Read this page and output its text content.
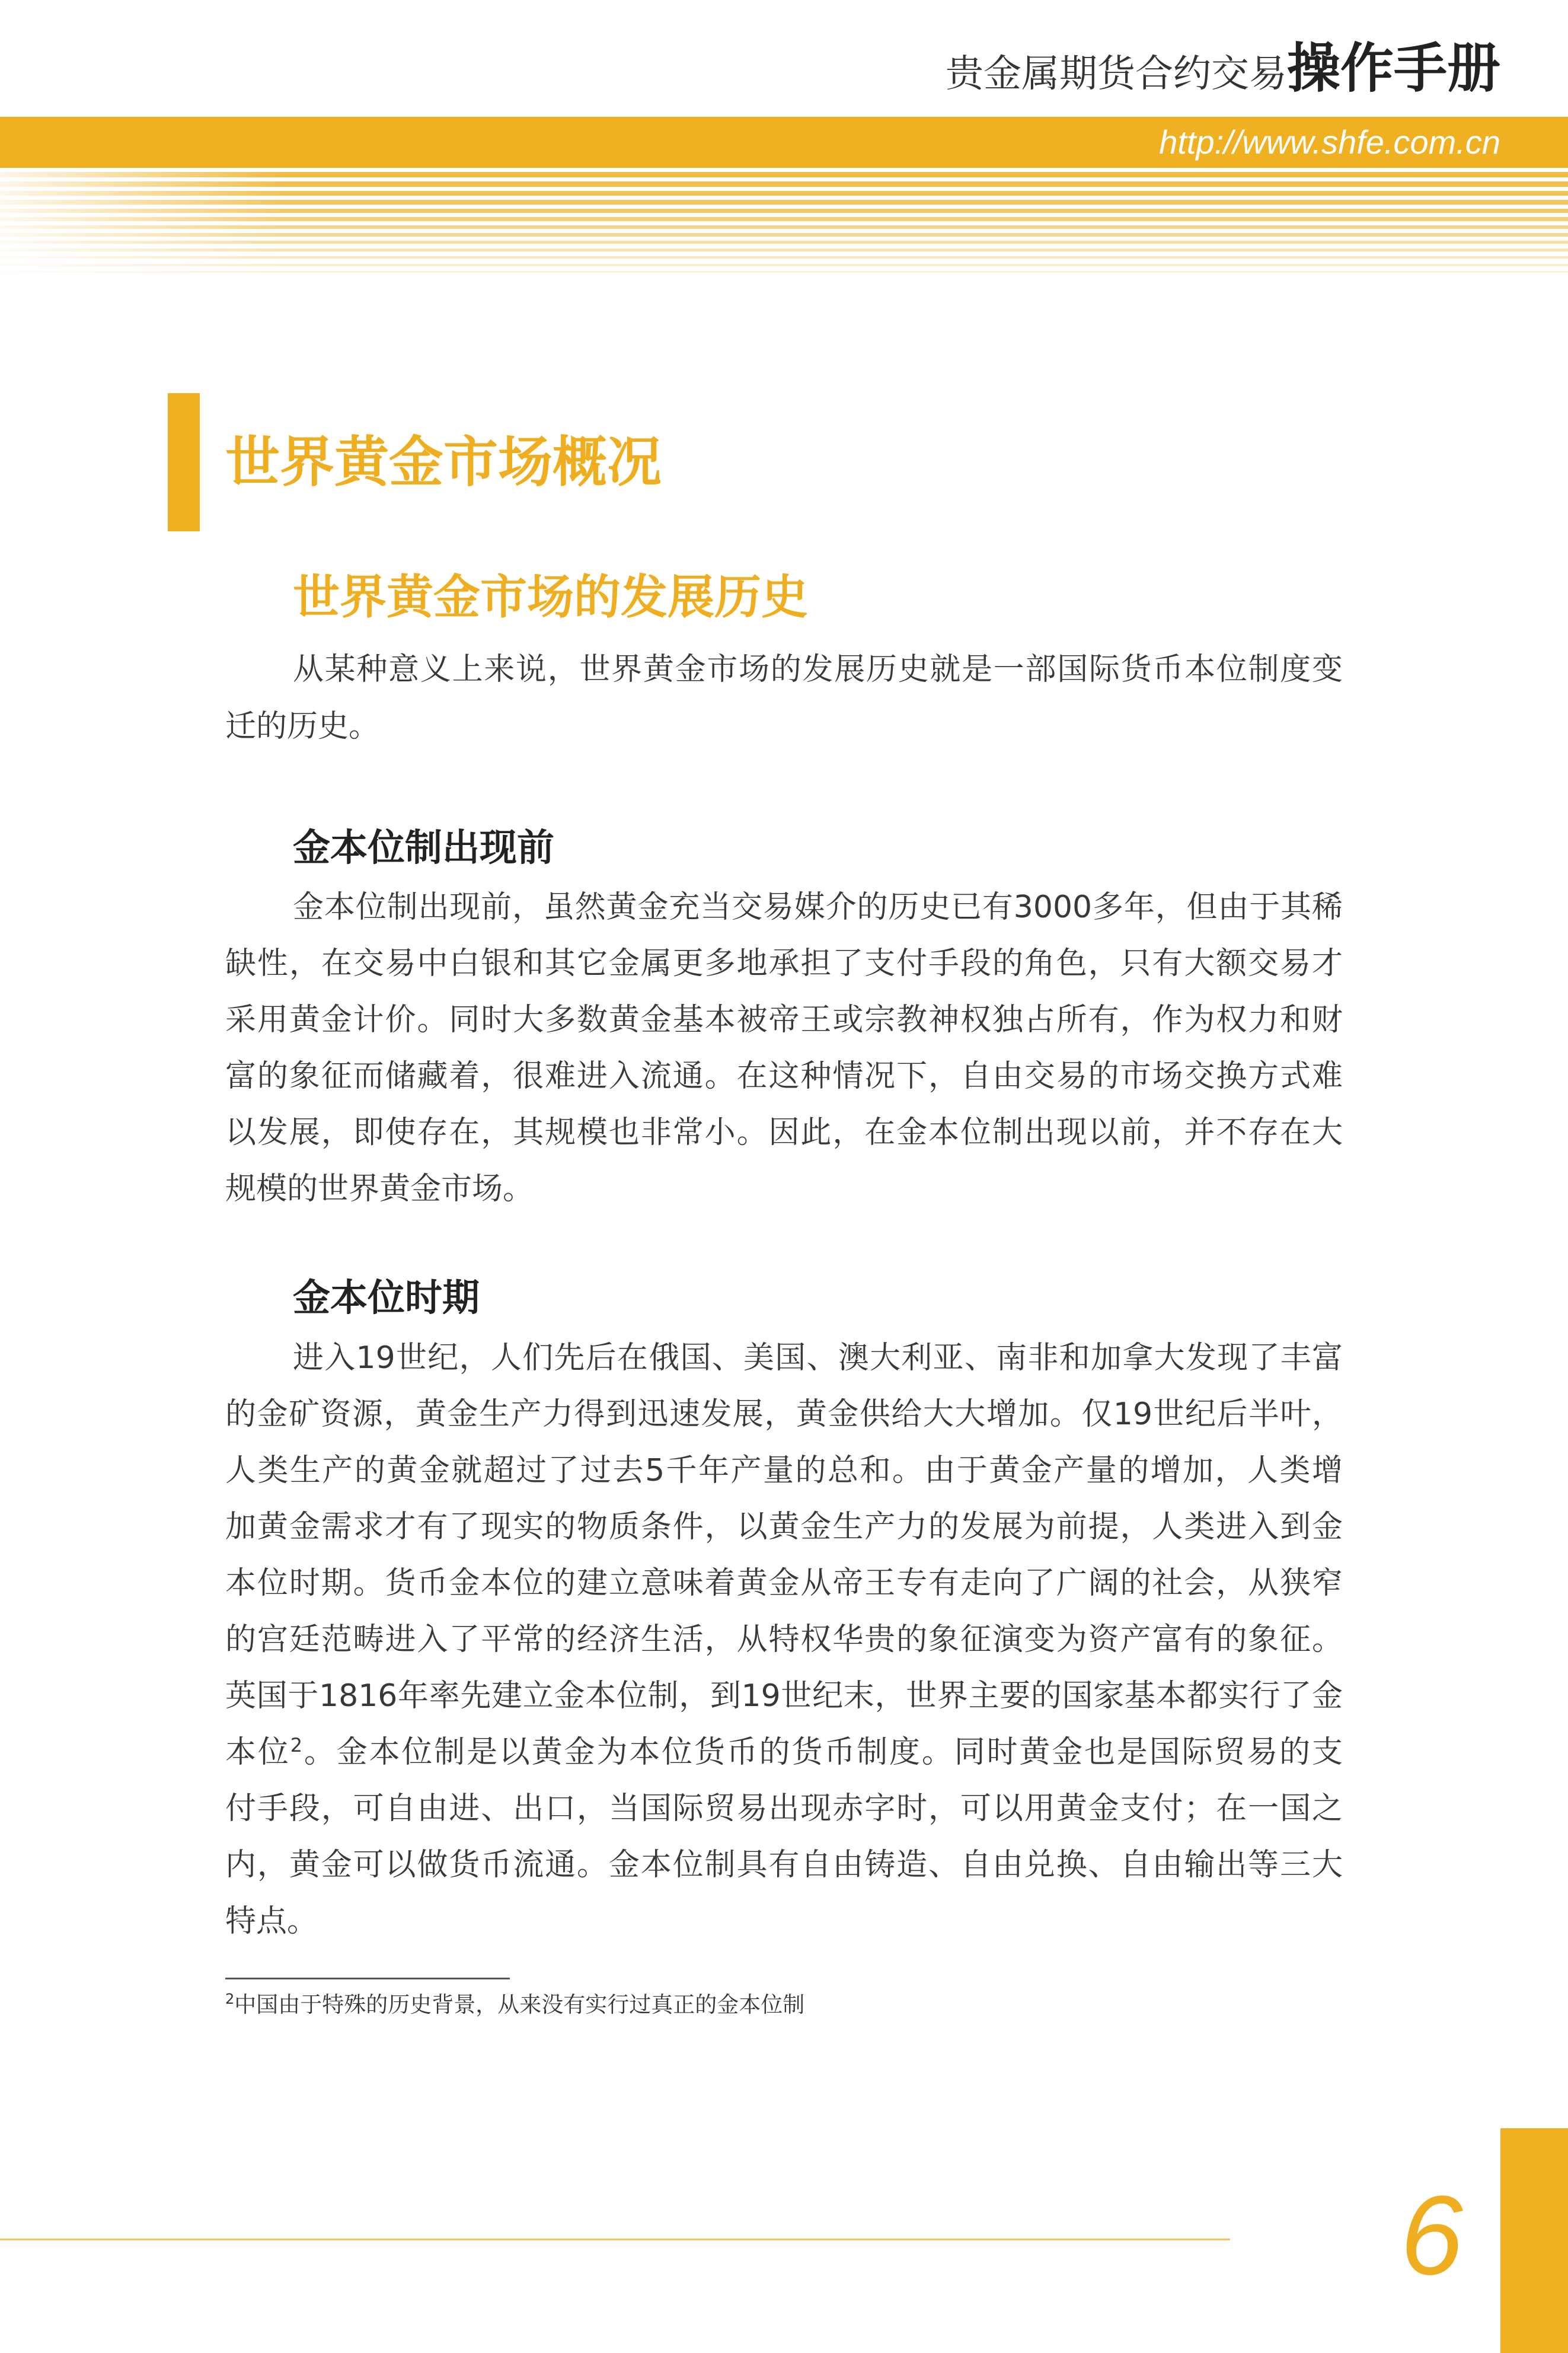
贵金属期货合约交易操作手册
http://www.shfe.com.cn
世界黄金市场概况
世界黄金市场的发展历史
从某种意义上来说，世界黄金市场的发展历史就是一部国际货币本位制度变
迁的历史。
金本位制出现前
金本位制出现前，虽然黄金充当交易媒介的历史已有3000多年，但由于其稀
缺性，在交易中白银和其它金属更多地承担了支付手段的角色，只有大额交易才
采用黄金计价。同时大多数黄金基本被帝王或宗教神权独占所有，作为权力和财
富的象征而储藏着，很难进入流通。在这种情况下，自由交易的市场交换方式难
以发展，即使存在，其规模也非常小。因此，在金本位制出现以前，并不存在大
规模的世界黄金市场。
金本位时期
进入19世纪，人们先后在俄国、美国、澳大利亚、南非和加拿大发现了丰富
的金矿资源，黄金生产力得到迅速发展，黄金供给大大增加。仅19世纪后半叶，
人类生产的黄金就超过了过去5千年产量的总和。由于黄金产量的增加，人类增
加黄金需求才有了现实的物质条件，以黄金生产力的发展为前提，人类进入到金
本位时期。货币金本位的建立意味着黄金从帝王专有走向了广阔的社会，从狭窄
的宫廷范畴进入了平常的经济生活，从特权华贵的象征演变为资产富有的象征。
英国于1816年率先建立金本位制，到19世纪末，世界主要的国家基本都实行了金
本位$^2$。金本位制是以黄金为本位货币的货币制度。同时黄金也是国际贸易的支
付手段，可自由进、出口，当国际贸易出现赤字时，可以用黄金支付；在一国之
内，黄金可以做货币流通。金本位制具有自由铸造、自由兑换、自由输出等三大
特点。
$^2$中国由于特殊的历史背景，从来没有实行过真正的金本位制
6
